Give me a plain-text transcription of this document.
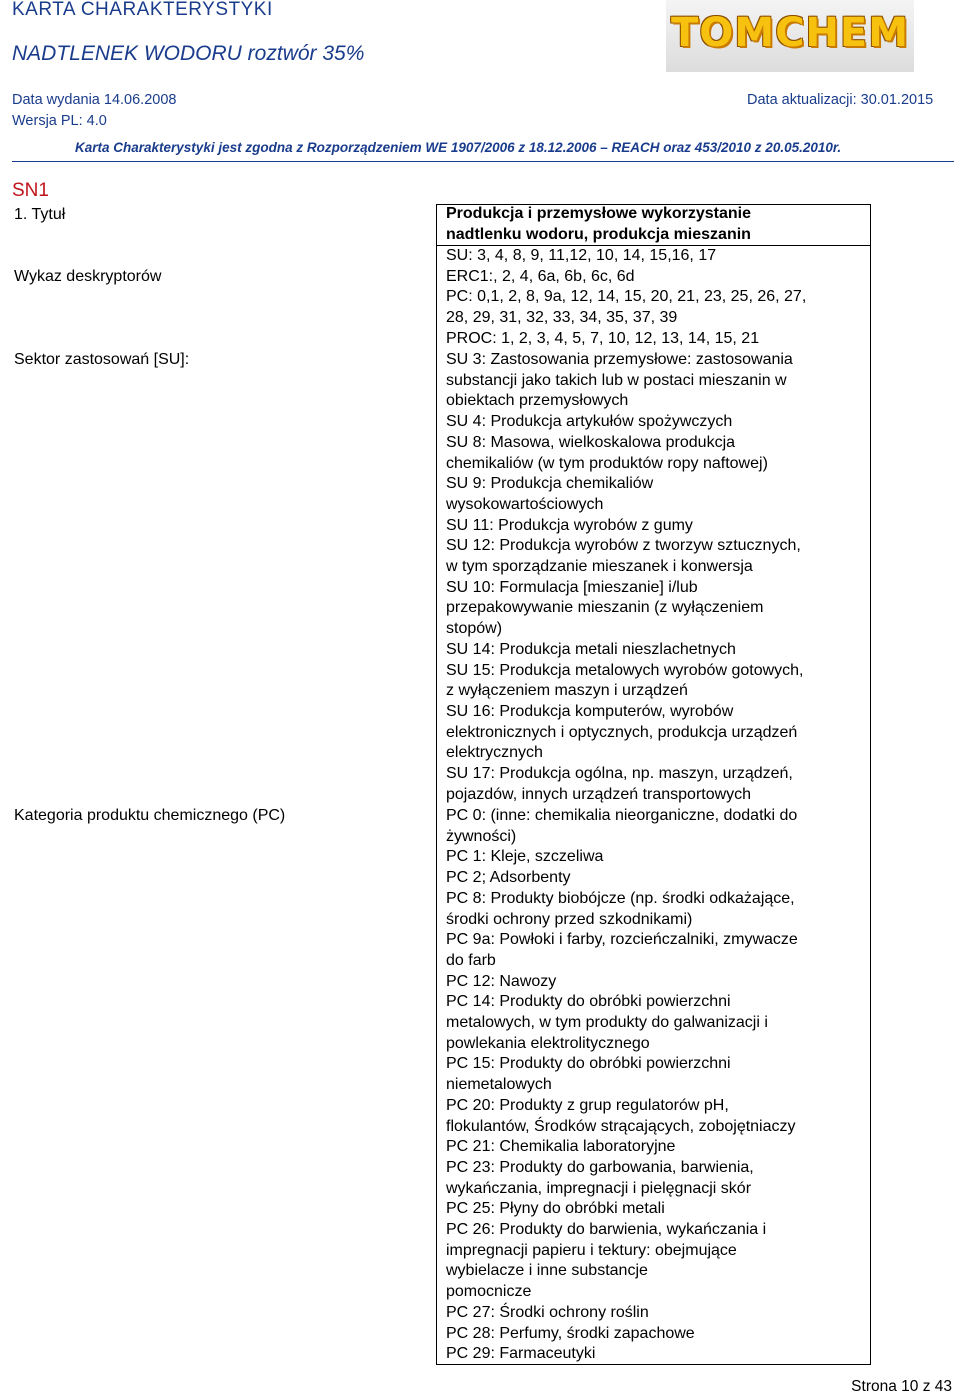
KARTA CHARAKTERYSTYKI
NADTLENEK WODORU roztwór 35%	TOMCHEM
Data wydania 14.06.2008
Wersja PL: 4.0
Data aktualizacji: 30.01.2015
Karta Charakterystyki jest zgodna z Rozporządzeniem WE 1907/2006 z 18.12.2006 – REACH oraz 453/2010 z 20.05.2010r.
SN1
1. Tytuł
Wykaz deskryptorów
Sektor zastosowań [SU]:
Kategoria produktu chemicznego (PC)
Produkcja i przemysłowe wykorzystanie
nadtlenku wodoru, produkcja mieszanin
SU: 3, 4, 8, 9, 11,12, 10, 14, 15,16, 17
ERC1:, 2, 4, 6a, 6b, 6c, 6d
PC: 0,1, 2, 8, 9a, 12, 14, 15, 20, 21, 23, 25, 26, 27,
28, 29, 31, 32, 33, 34, 35, 37, 39
PROC: 1, 2, 3, 4, 5, 7, 10, 12, 13, 14, 15, 21
SU 3: Zastosowania przemysłowe: zastosowania
substancji jako takich lub w postaci mieszanin w
obiektach przemysłowych
SU 4: Produkcja artykułów spożywczych
SU 8: Masowa, wielkoskalowa produkcja
chemikaliów (w tym produktów ropy naftowej)
SU 9: Produkcja chemikaliów
wysokowartościowych
SU 11: Produkcja wyrobów z gumy
SU 12: Produkcja wyrobów z tworzyw sztucznych,
w tym sporządzanie mieszanek i konwersja
SU 10: Formulacja [mieszanie] i/lub
przepakowywanie mieszanin (z wyłączeniem
stopów)
SU 14: Produkcja metali nieszlachetnych
SU 15: Produkcja metalowych wyrobów gotowych,
z wyłączeniem maszyn i urządzeń
SU 16: Produkcja komputerów, wyrobów
elektronicznych i optycznych, produkcja urządzeń
elektrycznych
SU 17: Produkcja ogólna, np. maszyn, urządzeń,
pojazdów, innych urządzeń transportowych
PC 0: (inne: chemikalia nieorganiczne, dodatki do
żywności)
PC 1: Kleje, szczeliwa
PC 2; Adsorbenty
PC 8: Produkty biobójcze (np. środki odkażające,
środki ochrony przed szkodnikami)
PC 9a: Powłoki i farby, rozcieńczalniki, zmywacze
do farb
PC 12: Nawozy
PC 14: Produkty do obróbki powierzchni
metalowych, w tym produkty do galwanizacji i
powlekania elektrolitycznego
PC 15: Produkty do obróbki powierzchni
niemetalowych
PC 20: Produkty z grup regulatorów pH,
flokulantów, Środków strącających, zobojętniaczy
PC 21: Chemikalia laboratoryjne
PC 23: Produkty do garbowania, barwienia,
wykańczania, impregnacji i pielęgnacji skór
PC 25: Płyny do obróbki metali
PC 26: Produkty do barwienia, wykańczania i
impregnacji papieru i tektury: obejmujące
wybielacze i inne substancje
pomocnicze
PC 27: Środki ochrony roślin
PC 28: Perfumy, środki zapachowe
PC 29: Farmaceutyki
Strona 10 z 43
